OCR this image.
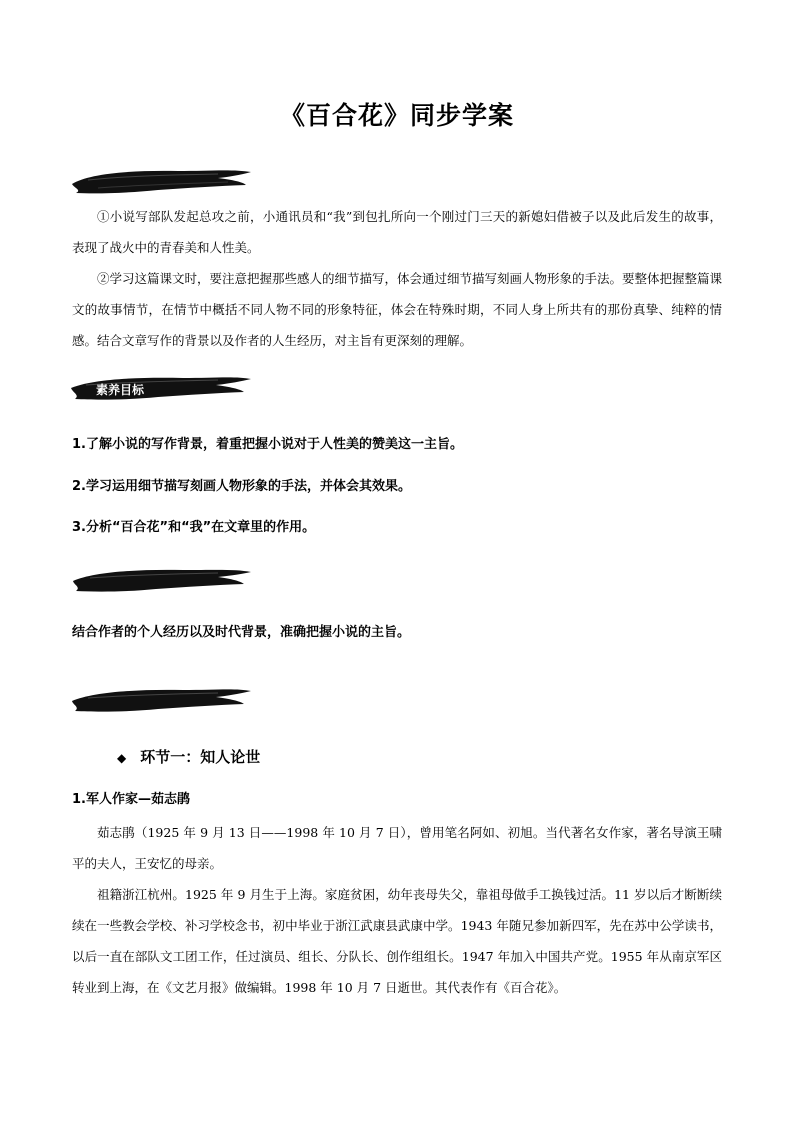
《百合花》同步学案

①小说写部队发起总攻之前，小通讯员和“我”到包扎所向一个刚过门三天的新媳妇借被子以及此后发生的故事，表现了战火中的青春美和人性美。

②学习这篇课文时，要注意把握那些感人的细节描写，体会通过细节描写刻画人物形象的手法。要整体把握整篇课文的故事情节，在情节中概括不同人物不同的形象特征，体会在特殊时期，不同人身上所共有的那份真挚、纯粹的情感。结合文章写作的背景以及作者的人生经历，对主旨有更深刻的理解。

素养目标

1.了解小说的写作背景，着重把握小说对于人性美的赞美这一主旨。

2.学习运用细节描写刻画人物形象的手法，并体会其效果。

3.分析“百合花”和“我”在文章里的作用。

结合作者的个人经历以及时代背景，准确把握小说的主旨。

◆ 环节一：知人论世

1.军人作家—茹志鹃

茹志鹃（1925 年 9 月 13 日——1998 年 10 月 7 日），曾用笔名阿如、初旭。当代著名女作家，著名导演王啸平的夫人，王安忆的母亲。

祖籍浙江杭州。1925 年 9 月生于上海。家庭贫困，幼年丧母失父，靠祖母做手工换钱过活。11 岁以后才断断续续在一些教会学校、补习学校念书，初中毕业于浙江武康县武康中学。1943 年随兄参加新四军，先在苏中公学读书，以后一直在部队文工团工作，任过演员、组长、分队长、创作组组长。1947 年加入中国共产党。1955 年从南京军区转业到上海，在《文艺月报》做编辑。1998 年 10 月 7 日逝世。其代表作有《百合花》。
